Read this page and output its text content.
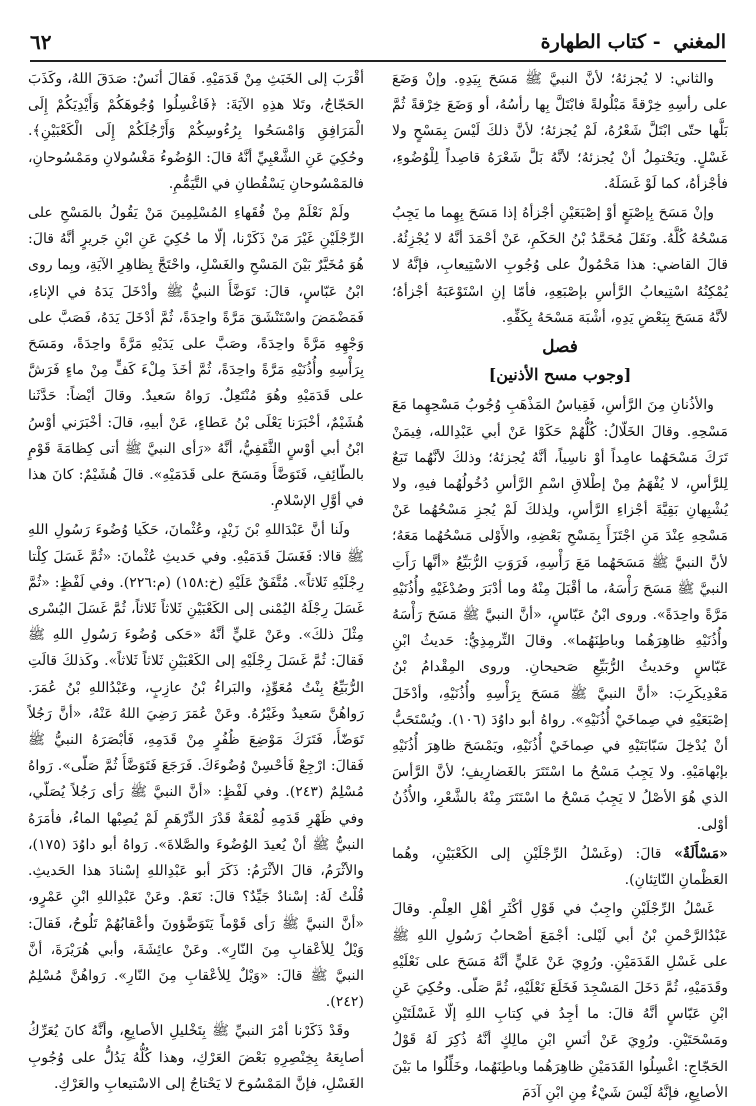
المغني - كتاب الطهارة
٦٢

والثاني: لا يُجزئهُ؛ لأنَّ النبيَّ ﷺ مَسَحَ بِيَدِهِ. وإنْ وَضَعَ على رأسِهِ خِرْقةً مَبْلُولةً فابْتَلَّ بِها رأسُهُ، أو وَضَعَ خِرْقةً ثُمَّ بَلَّها حتّى ابْتَلَّ شَعْرُهُ، لَمْ يُجزئهُ؛ لأنَّ ذلكَ لَيْسَ بِمَسْحٍ ولا غَسْلٍ. ويَحْتمِلُ أنْ يُجزئهُ؛ لأنَّهُ بَلَّ شَعْرَهُ قاصِداً لِلْوُضُوءِ، فأجْزأهُ، كما لَوْ غَسَلَهُ.

وإنْ مَسَحَ بِإصْبَعٍ أوْ إصْبَعَيْنِ أجْزأهُ إذا مَسَحَ بِهِما ما يَجِبُ مَسْحُهُ كُلَّهُ. ونَقَلَ مُحَمَّدُ بْنُ الحَكَمِ، عَنْ أحْمَدَ أنَّهُ لا يُجْزِئُهُ. قالَ القاضي: هذا مَحْمُولٌ على وُجُوبِ الاسْتِيعابِ، فإنَّهُ لا يُمْكِنُهُ اسْتِيعابُ الرَّأسِ بإصْبَعِهِ، فأمّا إنِ اسْتَوْعَبَهُ أجْزأهُ؛ لأنَّهُ مَسَحَ بِبَعْضِ يَدِهِ، أشْبَهَ مَسْحَهُ بِكَفِّهِ.

فصل
[وجوب مسح الأذنين]

والأذُنانِ مِنَ الرَّأسِ، فَقِياسُ المَذْهَبِ وُجُوبُ مَسْحِهِما مَعَ مَسْحِهِ. وقالَ الخَلّالُ: كُلُّهُمْ حَكَوْا عَنْ أبي عَبْدِالله، فِيمَنْ تَرَكَ مَسْحَهُما عامِداً أوْ ناسِياً، أنَّهُ يُجزئهُ؛ وذلكَ لأنَّهُما تَبَعٌ لِلرَّأسِ، لا يُفْهَمُ مِنْ إطْلاقِ اسْمِ الرَّأسِ دُخُولُهُما فيهِ، ولا يُشْبِهانِ بَقِيَّةَ أجْزاءِ الرَّأسِ، ولِذلكَ لَمْ يُجزِ مَسْحُهُما عَنْ مَسْحِهِ عِنْدَ مَنِ اجْتَزَأَ بِمَسْحِ بَعْضِهِ، والأَوْلى مَسْحُهُما مَعَهُ؛ لأنَّ النبيَّ ﷺ مَسَحَهُما مَعَ رَأْسِهِ، فَرَوَتِ الرُّبَيِّعُ «أنَّها رَأَتِ النبيَّ ﷺ مَسَحَ رَأْسَهُ، ما أقْبَلَ مِنْهُ وما أدْبَرَ وصُدْغَيْهِ وأُذُنَيْهِ مَرَّةً واحِدَةً». وروى ابْنُ عَبّاسٍ، «أنَّ النبيَّ ﷺ مَسَحَ رَأْسَهُ وأُذُنَيْهِ ظاهِرَهُما وباطِنَهُما». وقالَ التِّرمِذِيُّ: حَديثُ ابْنِ عَبّاسٍ وحَديثُ الرُّبَيِّعِ صَحيحانِ. وروى المِقْدامُ بْنُ مَعْدِيكَرِبَ: «أنَّ النبيَّ ﷺ مَسَحَ بِرَأْسِهِ وأُذُنَيْهِ، وأدْخَلَ إصْبَعَيْهِ في صِماخَيْ أُذُنَيْهِ». رواهُ أبو داوُدَ (١٠٦). ويُسْتَحَبُّ أنْ يُدْخِلَ سَبّابَتَيْهِ في صِماخَيْ أُذُنَيْهِ، ويَمْسَحَ ظاهِرَ أُذُنَيْهِ بإبْهامَيْهِ. ولا يَجِبُ مَسْحُ ما اسْتَتَرَ بالغَضارِيفِ؛ لأنَّ الرَّأسَ الذي هُوَ الأصْلُ لا يَجِبُ مَسْحُ ما اسْتَتَرَ مِنْهُ بالشَّعْرِ، والأُذُنُ أوْلى.

«مَسْأَلَةٌ» قالَ: (وغَسْلُ الرِّجْلَيْنِ إلى الكَعْبَيْنِ، وهُما العَظْمانِ النّاتِئانِ).

غَسْلُ الرِّجْلَيْنِ واجِبٌ في قَوْلِ أكْثَرِ أهْلِ العِلْمِ. وقالَ عَبْدُالرَّحْمنِ بْنُ أبي لَيْلى: أجْمَعَ أصْحابُ رَسُولِ اللهِ ﷺ على غَسْلِ القَدَمَيْنِ. ورُوِيَ عَنْ عَليٍّ أنَّهُ مَسَحَ على نَعْلَيْهِ وقَدَمَيْهِ، ثُمَّ دَخَلَ المَسْجِدَ فَخَلَعَ نَعْلَيْهِ، ثُمَّ صَلّى. وحُكِيَ عَنِ ابْنِ عَبّاسٍ أنَّهُ قالَ: ما أجِدُ في كِتابِ اللهِ إلّا غَسْلَتَيْنِ ومَسْحَتَيْنِ. ورُوِيَ عَنْ أنَسِ ابْنِ مالِكٍ أنَّهُ ذُكِرَ لَهُ قَوْلُ الحَجّاجِ: اغْسِلُوا القَدَمَيْنِ ظاهِرَهُما وباطِنَهُما، وخَلِّلُوا ما بَيْنَ الأصابِعِ، فإنَّهُ لَيْسَ شَيْءٌ مِنِ ابْنِ آدَمَ

أقْرَبَ إلى الخَبَثِ مِنْ قَدَمَيْهِ. فَقالَ أنَسٌ: صَدَقَ اللهُ، وكَذَبَ الحَجّاجُ، وتَلا هذِهِ الآيَةَ: ﴿فَاغْسِلُوا وُجُوهَكُمْ وَأَيْدِيَكُمْ إِلَى الْمَرَافِقِ وَامْسَحُوا بِرُءُوسِكُمْ وَأَرْجُلَكُمْ إِلَى الْكَعْبَيْنِ﴾. وحُكِيَ عَنِ الشَّعْبِيِّ أنَّهُ قالَ: الوُضُوءُ مَغْسُولانِ ومَمْسُوحانِ، فالمَمْسُوحانِ يَسْقُطانِ في التَّيَمُّمِ.

ولَمْ نَعْلَمْ مِنْ فُقَهاءِ المُسْلِمِينَ مَنْ يَقُولُ بالمَسْحِ على الرِّجْلَيْنِ غَيْرَ مَنْ ذَكَرْنا، إلّا ما حُكِيَ عَنِ ابْنِ جَريرٍ أنَّهُ قالَ: هُوَ مُخَيَّرٌ بَيْنَ المَسْحِ والغَسْلِ، واحْتَجَّ بِظاهِرِ الآيَةِ، وبِما روى ابْنُ عَبّاسٍ، قالَ: تَوَضَّأَ النبيُّ ﷺ وأدْخَلَ يَدَهُ في الإناءِ، فَمَضْمَضَ واسْتَنْشَقَ مَرَّةً واحِدَةً، ثُمَّ أدْخَلَ يَدَهُ، فَصَبَّ على وَجْهِهِ مَرَّةً واحِدَةً، وصَبَّ على يَدَيْهِ مَرَّةً واحِدَةً، ومَسَحَ بِرَأْسِهِ وأُذُنَيْهِ مَرَّةً واحِدَةً، ثُمَّ أخَذَ مِلْءَ كَفٍّ مِنْ ماءٍ فَرَشَّ على قَدَمَيْهِ وهُوَ مُنْتَعِلٌ. رَواهُ سَعيدٌ. وقالَ أيْضاً: حَدَّثَنا هُشَيْمٌ، أخْبَرَنا يَعْلَى بْنُ عَطاءٍ، عَنْ أبيهِ، قالَ: أخْبَرَني أوْسُ ابْنُ أبي أوْسٍ الثَّقَفِيُّ، أنَّهُ «رَأى النبيَّ ﷺ أتى كِظامَةَ قَوْمٍ بالطّائِفِ، فَتَوَضَّأَ ومَسَحَ على قَدَمَيْهِ». قالَ هُشَيْمٌ: كانَ هذا في أوَّلِ الإسْلامِ.

ولَنا أنَّ عَبْدَاللهِ بْنَ زَيْدٍ، وعُثْمانَ، حَكَيا وُضُوءَ رَسُولِ اللهِ ﷺ قالا: فَغَسَلَ قَدَمَيْهِ. وفي حَديثِ عُثْمانَ: «ثُمَّ غَسَلَ كِلْتا رِجْلَيْهِ ثَلاثاً». مُتَّفَقٌ عَلَيْهِ (خ:١٥٨) (م:٢٢٦). وفي لَفْظٍ: «ثُمَّ غَسَلَ رِجْلَهُ اليُمْنى إلى الكَعْبَيْنِ ثَلاثاً ثَلاثاً، ثُمَّ غَسَلَ اليُسْرى مِثْلَ ذلكَ». وعَنْ عَليٍّ أنَّهُ «حَكى وُضُوءَ رَسُولِ اللهِ ﷺ فَقالَ: ثُمَّ غَسَلَ رِجْلَيْهِ إلى الكَعْبَيْنِ ثَلاثاً ثَلاثاً». وكَذلكَ قالَتِ الرُّبَيِّعُ بِنْتُ مُعَوِّذٍ، والبَراءُ بْنُ عازِبٍ، وعَبْدُاللهِ بْنُ عُمَرَ. رَواهُنَّ سَعيدٌ وغَيْرُهُ. وعَنْ عُمَرَ رَضِيَ اللهُ عَنْهُ، «أنَّ رَجُلاً تَوَضّأَ، فَتَرَكَ مَوْضِعَ ظُفُرٍ مِنْ قَدَمِهِ، فَأبْصَرَهُ النبيُّ ﷺ فَقالَ: ارْجِعْ فَأحْسِنْ وُضُوءَكَ. فَرَجَعَ فَتَوَضَّأَ ثُمَّ صَلّى». رَواهُ مُسْلِمٌ (٢٤٣). وفي لَفْظٍ: «أنَّ النبيَّ ﷺ رَأى رَجُلاً يُصَلّي، وفي ظَهْرِ قَدَمِهِ لُمْعَةٌ قَدْرَ الدِّرْهَمِ لَمْ يُصِبْها الماءُ، فأمَرَهُ النبيُّ ﷺ أنْ يُعيدَ الوُضُوءَ والصَّلاةَ». رَواهُ أبو داوُدَ (١٧٥)، والأثْرَمُ، قالَ الأثْرَمُ: ذَكَرَ أبو عَبْدِاللهِ إسْنادَ هذا الحَديثِ. قُلْتُ لَهُ: إسْنادٌ جَيِّدٌ؟ قالَ: نَعَمْ. وعَنْ عَبْدِاللهِ ابْنِ عَمْرٍو، «أنَّ النبيَّ ﷺ رَأى قَوْماً يَتَوَضَّؤونَ وأعْقابُهُمْ تَلُوحُ، فَقالَ: وَيْلٌ لِلأعْقابِ مِنَ النّارِ». وعَنْ عائِشَةَ، وأبي هُرَيْرَةَ، أنَّ النبيَّ ﷺ قالَ: «وَيْلٌ لِلأعْقابِ مِنَ النّارِ». رَواهُنَّ مُسْلِمٌ (٢٤٢).

وقَدْ ذَكَرْنا أمْرَ النبيِّ ﷺ بِتَخْليلِ الأصابِعِ، وأنَّهُ كانَ يُعَرِّكُ أصابِعَهُ بِخِنْصِرِهِ بَعْضَ العَرْكِ، وهذا كُلُّهُ يَدُلُّ على وُجُوبِ الغَسْلِ، فإنَّ المَمْسُوحَ لا يَحْتاجُ إلى الاسْتيعابِ والعَرْكِ.
